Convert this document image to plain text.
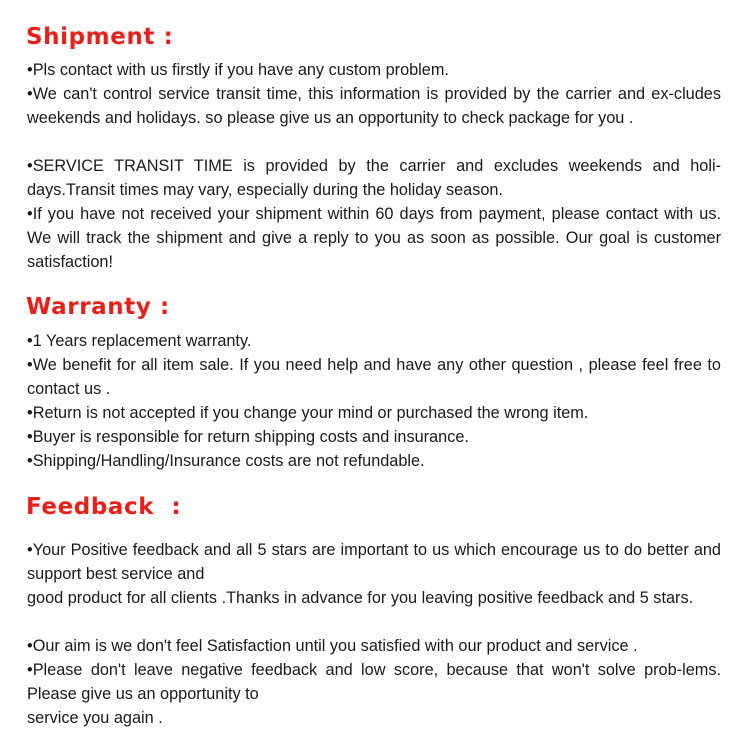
Shipment :

•Pls contact with us firstly if you have any custom problem.

•We can't control service transit time, this information is provided by the carrier and ex-cludes weekends and holidays. so please give us an opportunity to check package for you .

•SERVICE TRANSIT TIME is provided by the carrier and excludes weekends and holi-days.Transit times may vary, especially during the holiday season.

•If you have not received your shipment within 60 days from payment, please contact with us. We will track the shipment and give a reply to you as soon as possible. Our goal is customer satisfaction!

Warranty :

•1 Years replacement warranty.

•We benefit for all item sale. If you need help and have any other question , please feel free to contact us .

•Return is not accepted if you change your mind or purchased the wrong item.

•Buyer is responsible for return shipping costs and insurance.

•Shipping/Handling/Insurance costs are not refundable.

Feedback  :

•Your Positive feedback and all 5 stars are important to us which encourage us to do better and support best service and

good product for all clients .Thanks in advance for you leaving positive feedback and 5 stars.

•Our aim is we don't feel Satisfaction until you satisfied with our product and service .

•Please don't leave negative feedback and low score, because that won't solve prob-lems. Please give us an opportunity to

service you again .
